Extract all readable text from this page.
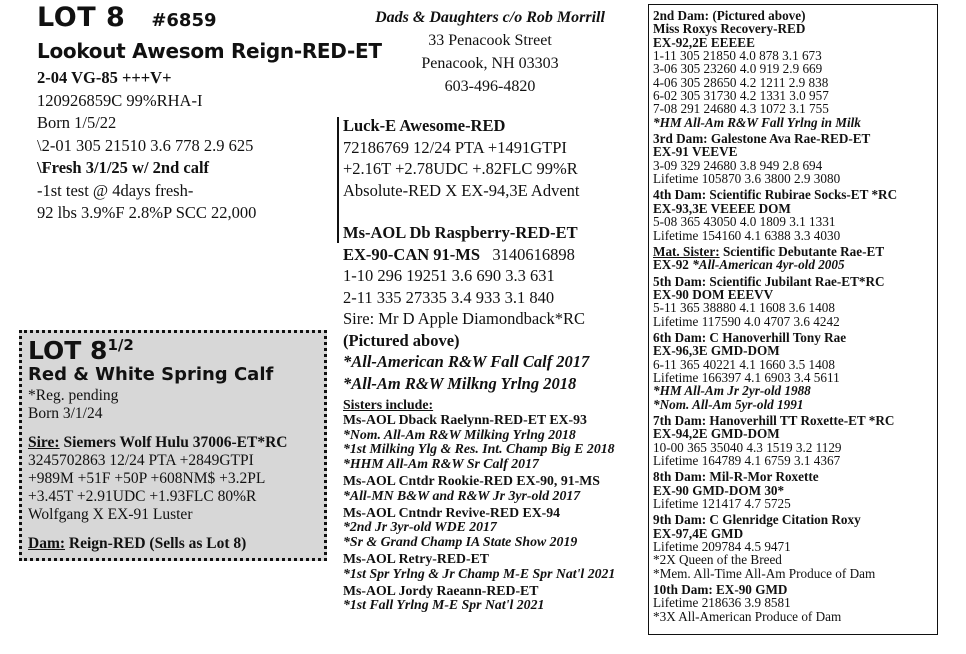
LOT 8 #6859
Lookout Awesom Reign-RED-ET
2-04 VG-85 +++V+
120926859C 99%RHA-I
Born 1/5/22
\2-01 305 21510 3.6 778 2.9 625
\Fresh 3/1/25 w/ 2nd calf
-1st test @ 4days fresh-
92 lbs 3.9%F 2.8%P SCC 22,000
LOT $8^{1/2}$
Red & White Spring Calf
*Reg. pending
Born 3/1/24
Sire: Siemers Wolf Hulu 37006-ET*RC
3245702863 12/24 PTA +2849GTPI
+989M +51F +50P +608NM$ +3.2PL
+3.45T +2.91UDC +1.93FLC 80%R
Wolfgang X EX-91 Luster
Dam: Reign-RED (Sells as Lot 8)
Dads & Daughters c/o Rob Morrill
33 Penacook Street
Penacook, NH 03303
603-496-4820
Luck-E Awesome-RED
72186769 12/24 PTA +1491GTPI
+2.16T +2.78UDC +.82FLC 99%R
Absolute-RED X EX-94,3E Advent
Ms-AOL Db Raspberry-RED-ET
EX-90-CAN 91-MS 3140616898
1-10 296 19251 3.6 690 3.3 631
2-11 335 27335 3.4 933 3.1 840
Sire: Mr D Apple Diamondback*RC
(Pictured above)
*All-American R&W Fall Calf 2017
*All-Am R&W Milkng Yrlng 2018
Sisters include:
Ms-AOL Dback Raelynn-RED-ET EX-93
*Nom. All-Am R&W Milking Yrlng 2018
*1st Milking Ylg & Res. Int. Champ Big E 2018
*HHM All-Am R&W Sr Calf 2017
Ms-AOL Cntdr Rookie-RED EX-90, 91-MS
*All-MN B&W and R&W Jr 3yr-old 2017
Ms-AOL Cntndr Revive-RED EX-94
*2nd Jr 3yr-old WDE 2017
*Sr & Grand Champ IA State Show 2019
Ms-AOL Retry-RED-ET
*1st Spr Yrlng & Jr Champ M-E Spr Nat'l 2021
Ms-AOL Jordy Raeann-RED-ET
*1st Fall Yrlng M-E Spr Nat'l 2021
2nd Dam: (Pictured above)
Miss Roxys Recovery-RED
EX-92,2E EEEEE
1-11 305 21850 4.0 878 3.1 673
3-06 305 23260 4.0 919 2.9 669
4-06 305 28650 4.2 1211 2.9 838
6-02 305 31730 4.2 1331 3.0 957
7-08 291 24680 4.3 1072 3.1 755
*HM All-Am R&W Fall Yrlng in Milk
3rd Dam: Galestone Ava Rae-RED-ET
EX-91 VEEVE
3-09 329 24680 3.8 949 2.8 694
Lifetime 105870 3.6 3800 2.9 3080
4th Dam: Scientific Rubirae Socks-ET *RC
EX-93,3E VEEEE DOM
5-08 365 43050 4.0 1809 3.1 1331
Lifetime 154160 4.1 6388 3.3 4030
Mat. Sister: Scientific Debutante Rae-ET
EX-92 *All-American 4yr-old 2005
5th Dam: Scientific Jubilant Rae-ET*RC
EX-90 DOM EEEVV
5-11 365 38880 4.1 1608 3.6 1408
Lifetime 117590 4.0 4707 3.6 4242
6th Dam: C Hanoverhill Tony Rae
EX-96,3E GMD-DOM
6-11 365 40221 4.1 1660 3.5 1408
Lifetime 166397 4.1 6903 3.4 5611
*HM All-Am Jr 2yr-old 1988
*Nom. All-Am 5yr-old 1991
7th Dam: Hanoverhill TT Roxette-ET *RC
EX-94,2E GMD-DOM
10-00 365 35040 4.3 1519 3.2 1129
Lifetime 164789 4.1 6759 3.1 4367
8th Dam: Mil-R-Mor Roxette
EX-90 GMD-DOM 30*
Lifetime 121417 4.7 5725
9th Dam: C Glenridge Citation Roxy
EX-97,4E GMD
Lifetime 209784 4.5 9471
*2X Queen of the Breed
*Mem. All-Time All-Am Produce of Dam
10th Dam: EX-90 GMD
Lifetime 218636 3.9 8581
*3X All-American Produce of Dam
